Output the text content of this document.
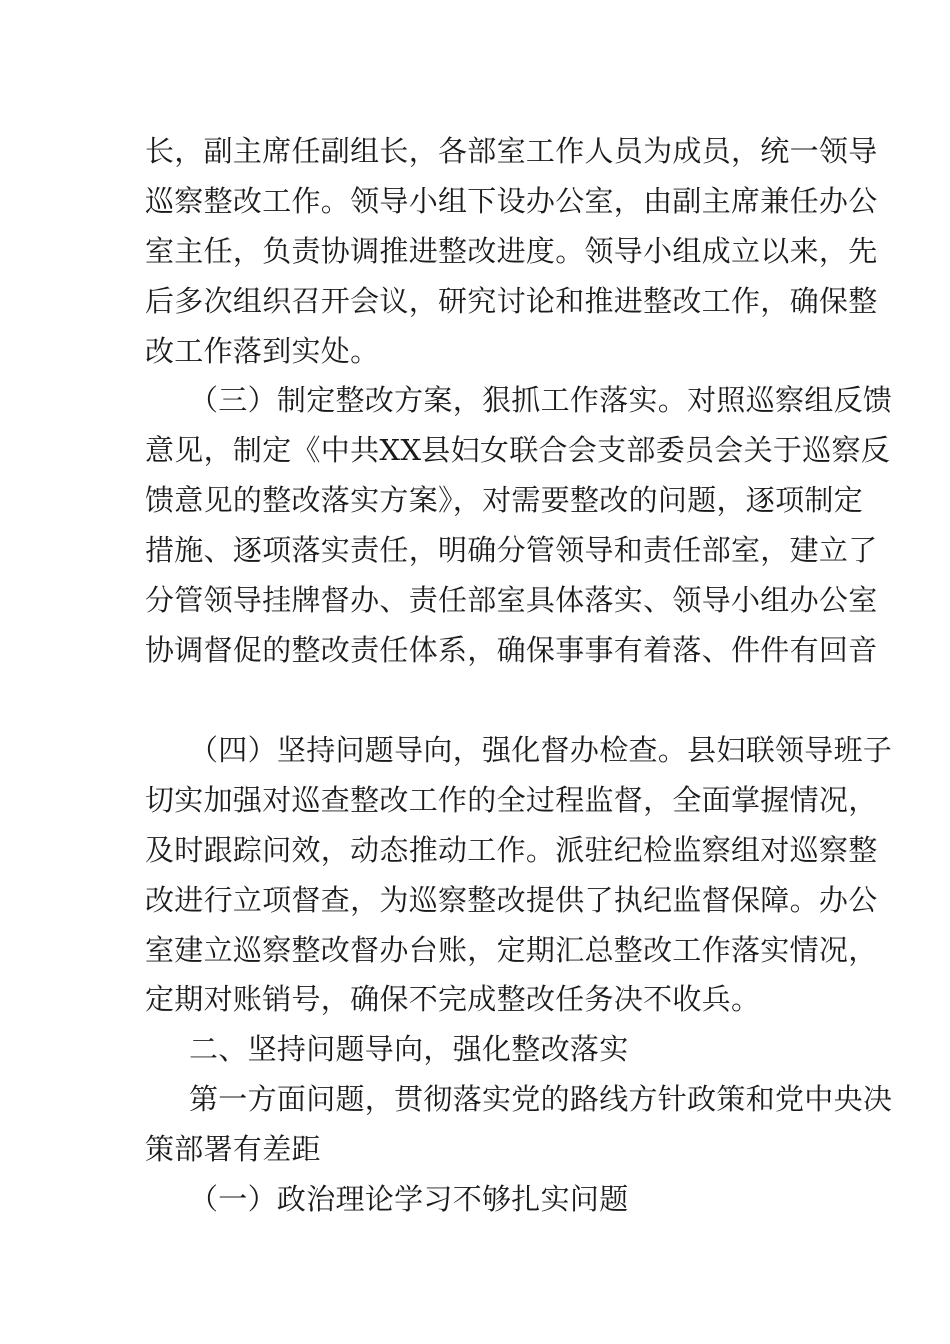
长，副主席任副组长，各部室工作人员为成员，统一领导
巡察整改工作。领导小组下设办公室，由副主席兼任办公
室主任，负责协调推进整改进度。领导小组成立以来，先
后多次组织召开会议，研究讨论和推进整改工作，确保整
改工作落到实处。
（三）制定整改方案，狠抓工作落实。对照巡察组反馈
意见，制定《中共XX县妇女联合会支部委员会关于巡察反
馈意见的整改落实方案》，对需要整改的问题，逐项制定
措施、逐项落实责任，明确分管领导和责任部室，建立了
分管领导挂牌督办、责任部室具体落实、领导小组办公室
协调督促的整改责任体系，确保事事有着落、件件有回音
（四）坚持问题导向，强化督办检查。县妇联领导班子
切实加强对巡查整改工作的全过程监督，全面掌握情况，
及时跟踪问效，动态推动工作。派驻纪检监察组对巡察整
改进行立项督查，为巡察整改提供了执纪监督保障。办公
室建立巡察整改督办台账，定期汇总整改工作落实情况，
定期对账销号，确保不完成整改任务决不收兵。
二、坚持问题导向，强化整改落实
第一方面问题，贯彻落实党的路线方针政策和党中央决
策部署有差距
（一）政治理论学习不够扎实问题
